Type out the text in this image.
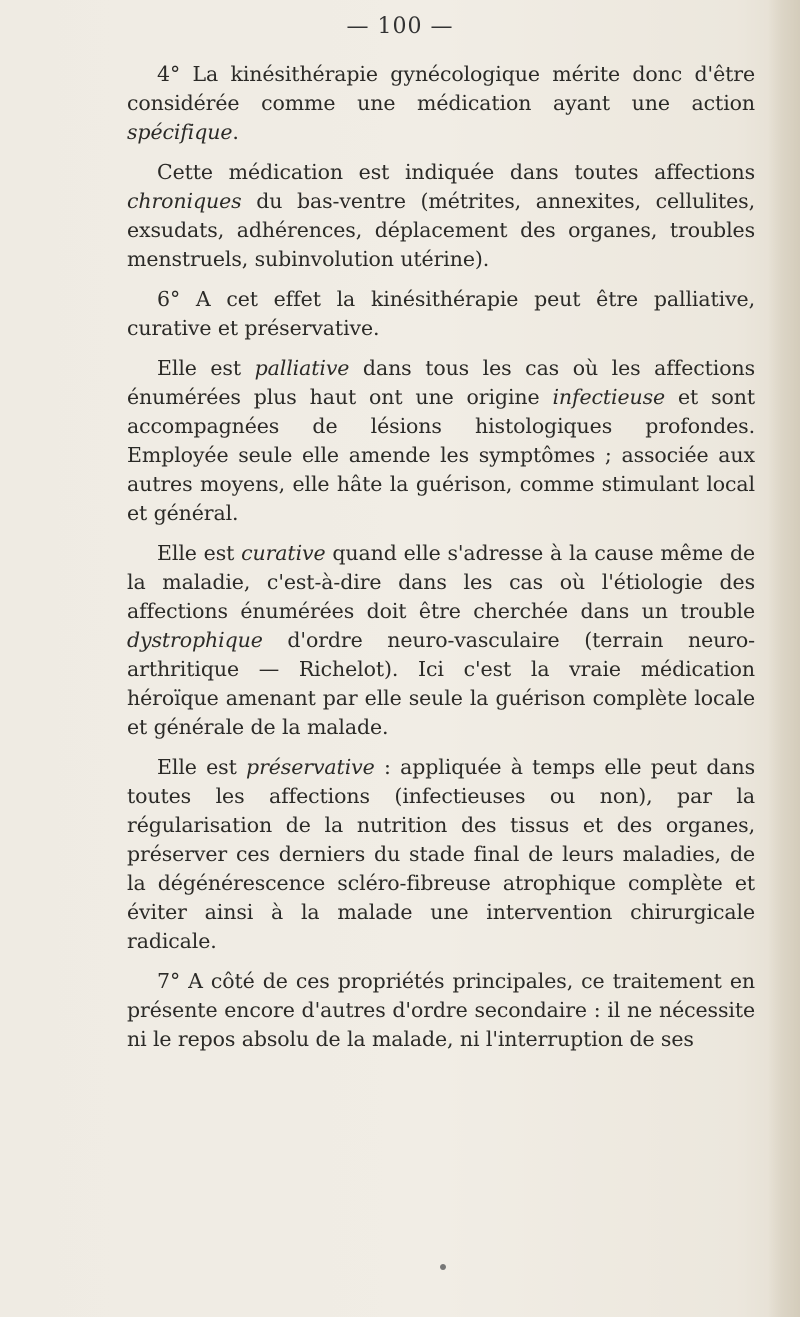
— 100 —

4° La kinésithérapie gynécologique mérite donc d'être considérée comme une médication ayant une action spécifique.

Cette médication est indiquée dans toutes affections chroniques du bas-ventre (métrites, annexites, cellulites, exsudats, adhérences, déplacement des organes, troubles menstruels, subinvolution utérine).

6° A cet effet la kinésithérapie peut être palliative, curative et préservative.

Elle est palliative dans tous les cas où les affections énumérées plus haut ont une origine infectieuse et sont accompagnées de lésions histologiques profondes. Employée seule elle amende les symptômes ; associée aux autres moyens, elle hâte la guérison, comme stimulant local et général.

Elle est curative quand elle s'adresse à la cause même de la maladie, c'est-à-dire dans les cas où l'étiologie des affections énumérées doit être cherchée dans un trouble dystrophique d'ordre neuro-vasculaire (terrain neuro-arthritique — Richelot). Ici c'est la vraie médication héroïque amenant par elle seule la guérison complète locale et générale de la malade.

Elle est préservative : appliquée à temps elle peut dans toutes les affections (infectieuses ou non), par la régularisation de la nutrition des tissus et des organes, préserver ces derniers du stade final de leurs maladies, de la dégénérescence scléro-fibreuse atrophique complète et éviter ainsi à la malade une intervention chirurgicale radicale.

7° A côté de ces propriétés principales, ce traitement en présente encore d'autres d'ordre secondaire : il ne nécessite ni le repos absolu de la malade, ni l'interruption de ses
